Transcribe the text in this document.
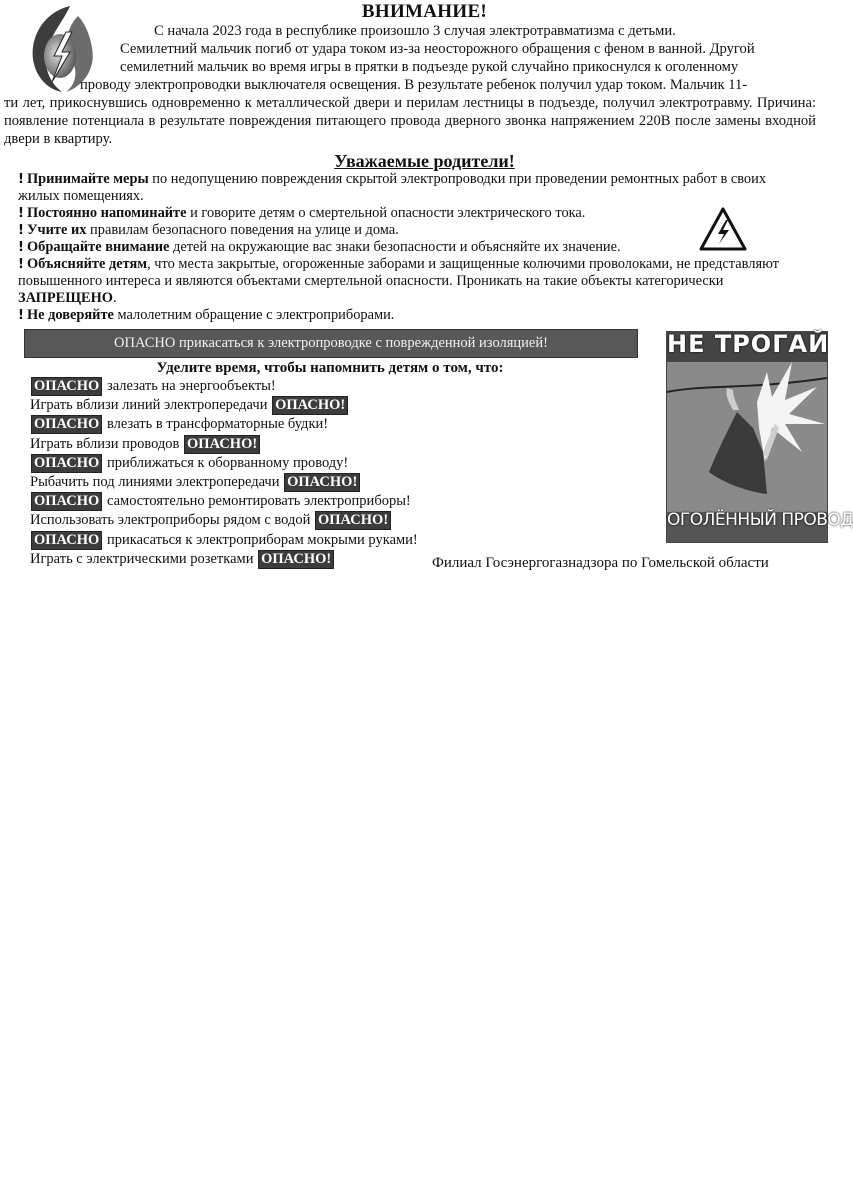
ВНИМАНИЕ!

С начала 2023 года в республике произошло 3 случая электротравматизма с детьми.
Семилетний мальчик погиб от удара током из-за неосторожного обращения с феном в ванной. Другой
семилетний мальчик во время игры в прятки в подъезде рукой случайно прикоснулся к оголенному
проводу электропроводки выключателя освещения. В результате ребенок получил удар током. Мальчик 11-
ти лет, прикоснувшись одновременно к металлической двери и перилам лестницы в подъезде, получил электротравму. Причина: появление потенциала в результате повреждения питающего провода дверного звонка напряжением 220В после замены входной двери в квартиру.

Уважаемые родители!
! Принимайте меры по недопущению повреждения скрытой электропроводки при проведении ремонтных работ в своих жилых помещениях.
! Постоянно напоминайте и говорите детям о смертельной опасности электрического тока.
! Учите их правилам безопасного поведения на улице и дома.
! Обращайте внимание детей на окружающие вас знаки безопасности и объясняйте их значение.
! Объясняйте детям, что места закрытые, огороженные заборами и защищенные колючими проволоками, не представляют повышенного интереса и являются объектами смертельной опасности. Проникать на такие объекты категорически ЗАПРЕЩЕНО.
! Не доверяйте малолетним обращение с электроприборами.
ОПАСНО прикасаться к электропроводке с поврежденной изоляцией!

Уделите время, чтобы напомнить детям о том, что:

ОПАСНО залезать на энергообъекты!
Играть вблизи линий электропередачи ОПАСНО!
ОПАСНО влезать в трансформаторные будки!
Играть вблизи проводов ОПАСНО!
ОПАСНО приближаться к оборванному проводу!
Рыбачить под линиями электропередачи ОПАСНО!
ОПАСНО самостоятельно ремонтировать электроприборы!
Использовать электроприборы рядом с водой ОПАСНО!
ОПАСНО прикасаться к электроприборам мокрыми руками!
Играть с электрическими розетками ОПАСНО!
НЕ ТРОГАЙ
ОГОЛЁННЫЙ ПРОВОД

Филиал Госэнергогазнадзора по Гомельской области
